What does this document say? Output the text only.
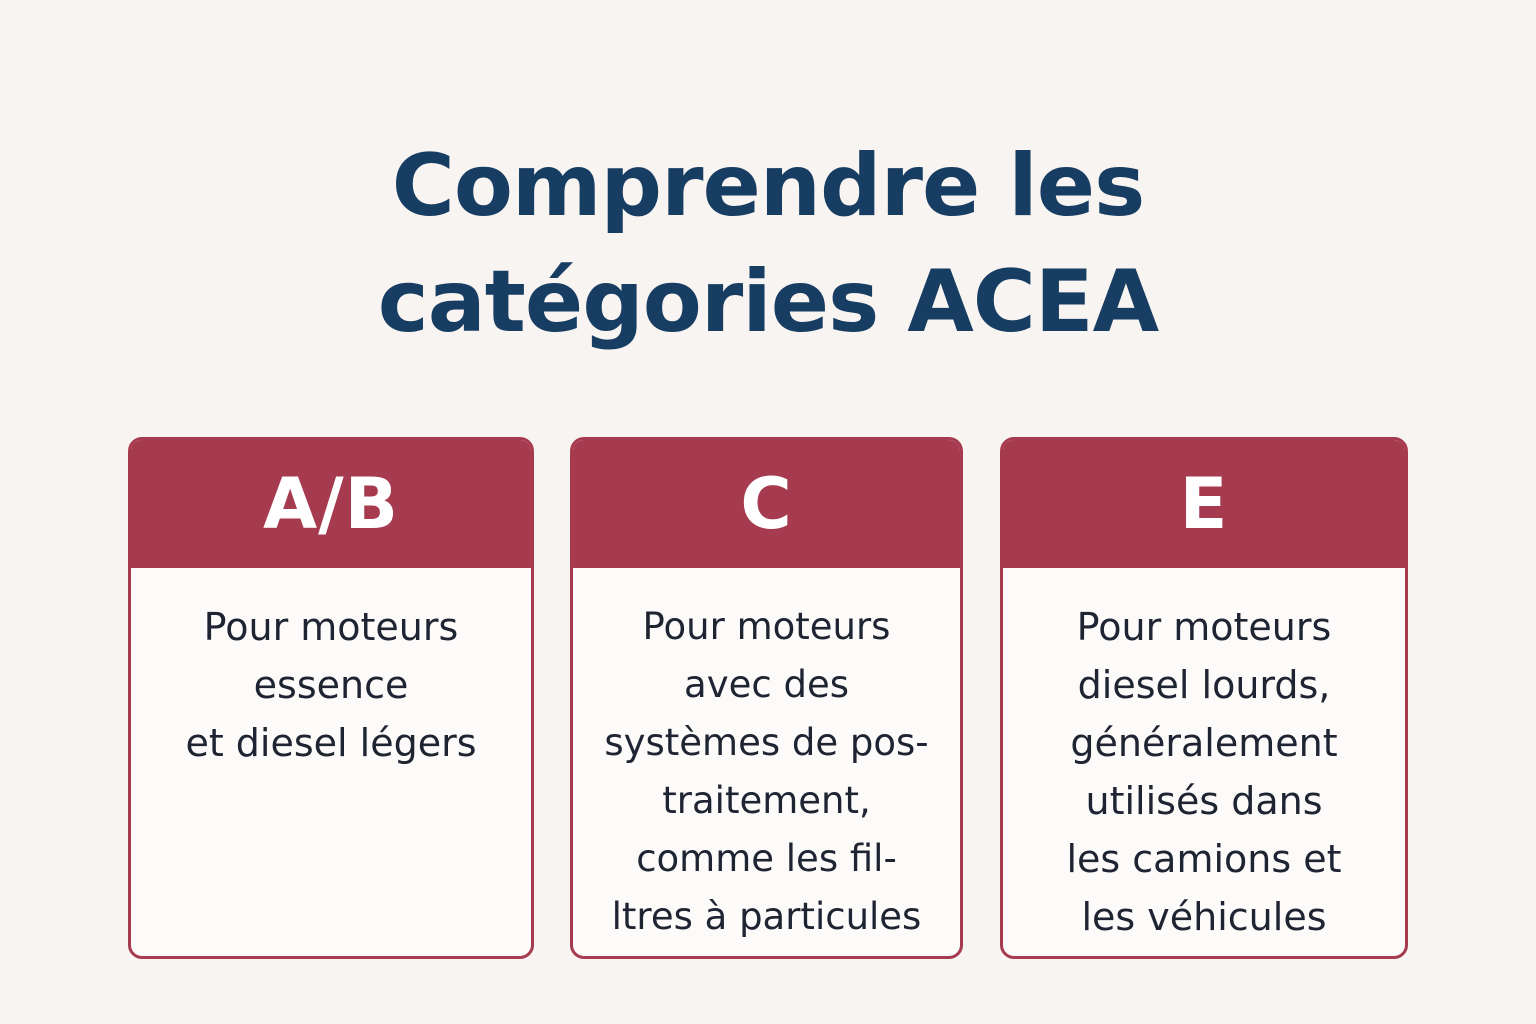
Comprendre les
catégories ACEA
A/B
Pour moteurs
essence
et diesel légers
C
Pour moteurs
avec des
systèmes de pos-
traitement,
comme les fil-
ltres à particules
E
Pour moteurs
diesel lourds,
généralement
utilisés dans
les camions et
les véhicules
